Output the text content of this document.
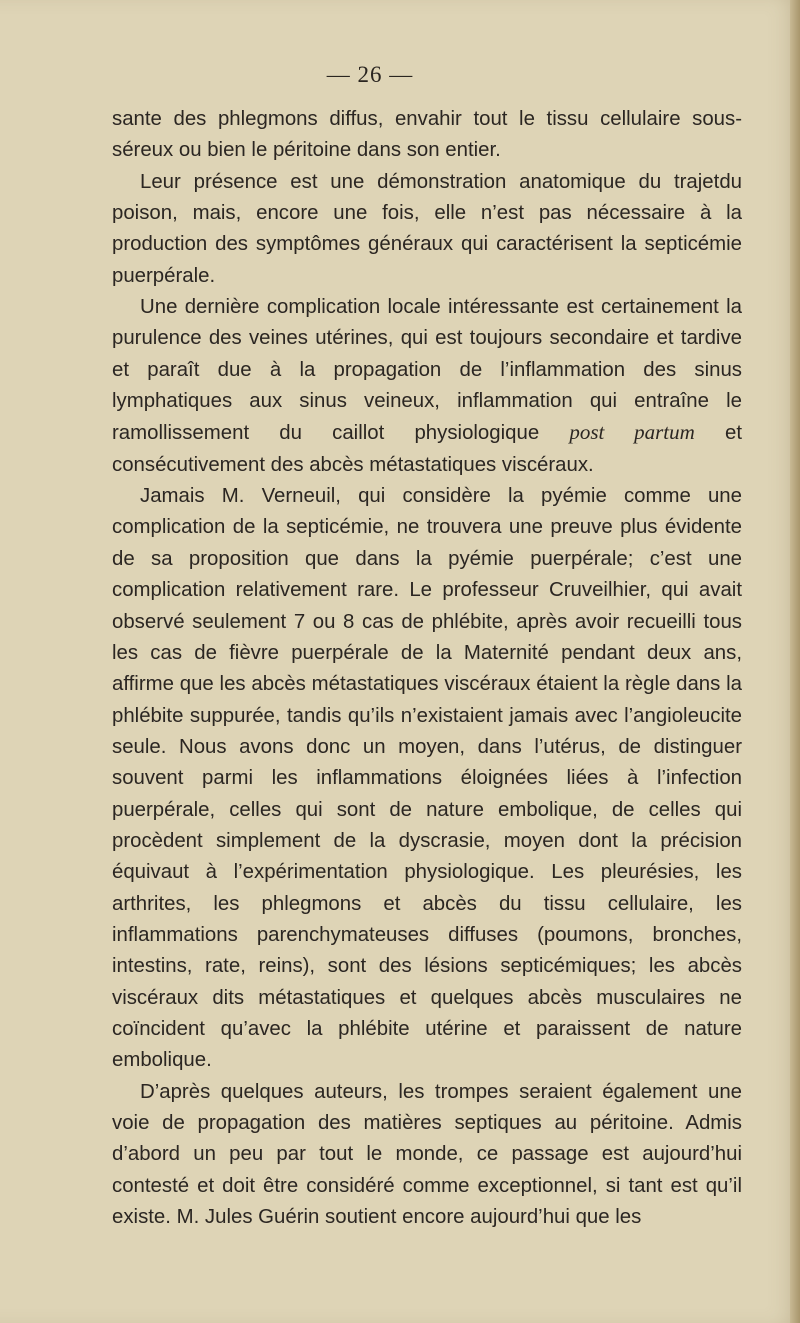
— 26 —

sante des phlegmons diffus, envahir tout le tissu cellulaire sous-séreux ou bien le péritoine dans son entier.

Leur présence est une démonstration anatomique du trajetdu poison, mais, encore une fois, elle n’est pas nécessaire à la production des symptômes généraux qui caractérisent la septicémie puerpérale.

Une dernière complication locale intéressante est certainement la purulence des veines utérines, qui est toujours secondaire et tardive et paraît due à la propagation de l’inflammation des sinus lymphatiques aux sinus veineux, inflammation qui entraîne le ramollissement du caillot physiologique post partum et consécutivement des abcès métastatiques viscéraux.

Jamais M. Verneuil, qui considère la pyémie comme une complication de la septicémie, ne trouvera une preuve plus évidente de sa proposition que dans la pyémie puerpérale; c’est une complication relativement rare. Le professeur Cruveilhier, qui avait observé seulement 7 ou 8 cas de phlébite, après avoir recueilli tous les cas de fièvre puerpérale de la Maternité pendant deux ans, affirme que les abcès métastatiques viscéraux étaient la règle dans la phlébite suppurée, tandis qu’ils n’existaient jamais avec l’angioleucite seule. Nous avons donc un moyen, dans l’utérus, de distinguer souvent parmi les inflammations éloignées liées à l’infection puerpérale, celles qui sont de nature embolique, de celles qui procèdent simplement de la dyscrasie, moyen dont la précision équivaut à l’expérimentation physiologique. Les pleurésies, les arthrites, les phlegmons et abcès du tissu cellulaire, les inflammations parenchymateuses diffuses (poumons, bronches, intestins, rate, reins), sont des lésions septicémiques; les abcès viscéraux dits métastatiques et quelques abcès musculaires ne coïncident qu’avec la phlébite utérine et paraissent de nature embolique.

D’après quelques auteurs, les trompes seraient également une voie de propagation des matières septiques au péritoine. Admis d’abord un peu par tout le monde, ce passage est aujourd’hui contesté et doit être considéré comme exceptionnel, si tant est qu’il existe. M. Jules Guérin soutient encore aujourd’hui que les
